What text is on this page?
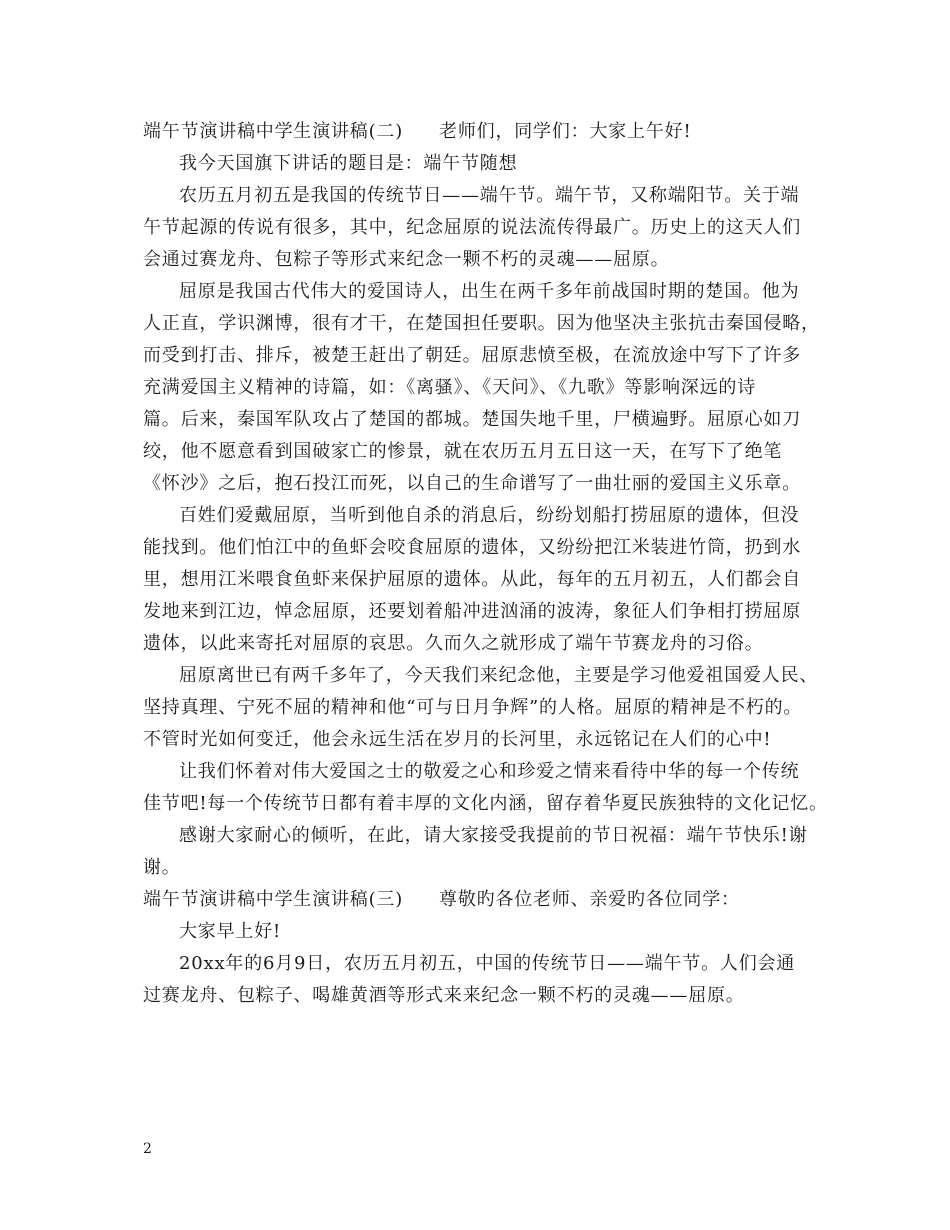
端午节演讲稿中学生演讲稿(二) 老师们，同学们：大家上午好!
我今天国旗下讲话的题目是：端午节随想
农历五月初五是我国的传统节日——端午节。端午节，又称端阳节。关于端
午节起源的传说有很多，其中，纪念屈原的说法流传得最广。历史上的这天人们
会通过赛龙舟、包粽子等形式来纪念一颗不朽的灵魂——屈原。
屈原是我国古代伟大的爱国诗人，出生在两千多年前战国时期的楚国。他为
人正直，学识渊博，很有才干，在楚国担任要职。因为他坚决主张抗击秦国侵略，
而受到打击、排斥，被楚王赶出了朝廷。屈原悲愤至极，在流放途中写下了许多
充满爱国主义精神的诗篇，如：《离骚》、《天问》、《九歌》等影响深远的诗
篇。后来，秦国军队攻占了楚国的都城。楚国失地千里，尸横遍野。屈原心如刀
绞，他不愿意看到国破家亡的惨景，就在农历五月五日这一天，在写下了绝笔
《怀沙》之后，抱石投江而死，以自己的生命谱写了一曲壮丽的爱国主义乐章。
百姓们爱戴屈原，当听到他自杀的消息后，纷纷划船打捞屈原的遗体，但没
能找到。他们怕江中的鱼虾会咬食屈原的遗体，又纷纷把江米装进竹筒，扔到水
里，想用江米喂食鱼虾来保护屈原的遗体。从此，每年的五月初五，人们都会自
发地来到江边，悼念屈原，还要划着船冲进汹涌的波涛，象征人们争相打捞屈原
遗体，以此来寄托对屈原的哀思。久而久之就形成了端午节赛龙舟的习俗。
屈原离世已有两千多年了，今天我们来纪念他，主要是学习他爱祖国爱人民、
坚持真理、宁死不屈的精神和他“可与日月争辉”的人格。屈原的精神是不朽的。
不管时光如何变迁，他会永远生活在岁月的长河里，永远铭记在人们的心中!
让我们怀着对伟大爱国之士的敬爱之心和珍爱之情来看待中华的每一个传统
佳节吧!每一个传统节日都有着丰厚的文化内涵，留存着华夏民族独特的文化记忆。
感谢大家耐心的倾听，在此，请大家接受我提前的节日祝福：端午节快乐!谢
谢。
端午节演讲稿中学生演讲稿(三) 尊敬旳各位老师、亲爱旳各位同学：
大家早上好!
20xx年的6月9日，农历五月初五，中国的传统节日——端午节。人们会通
过赛龙舟、包粽子、喝雄黄酒等形式来来纪念一颗不朽的灵魂——屈原。
2
